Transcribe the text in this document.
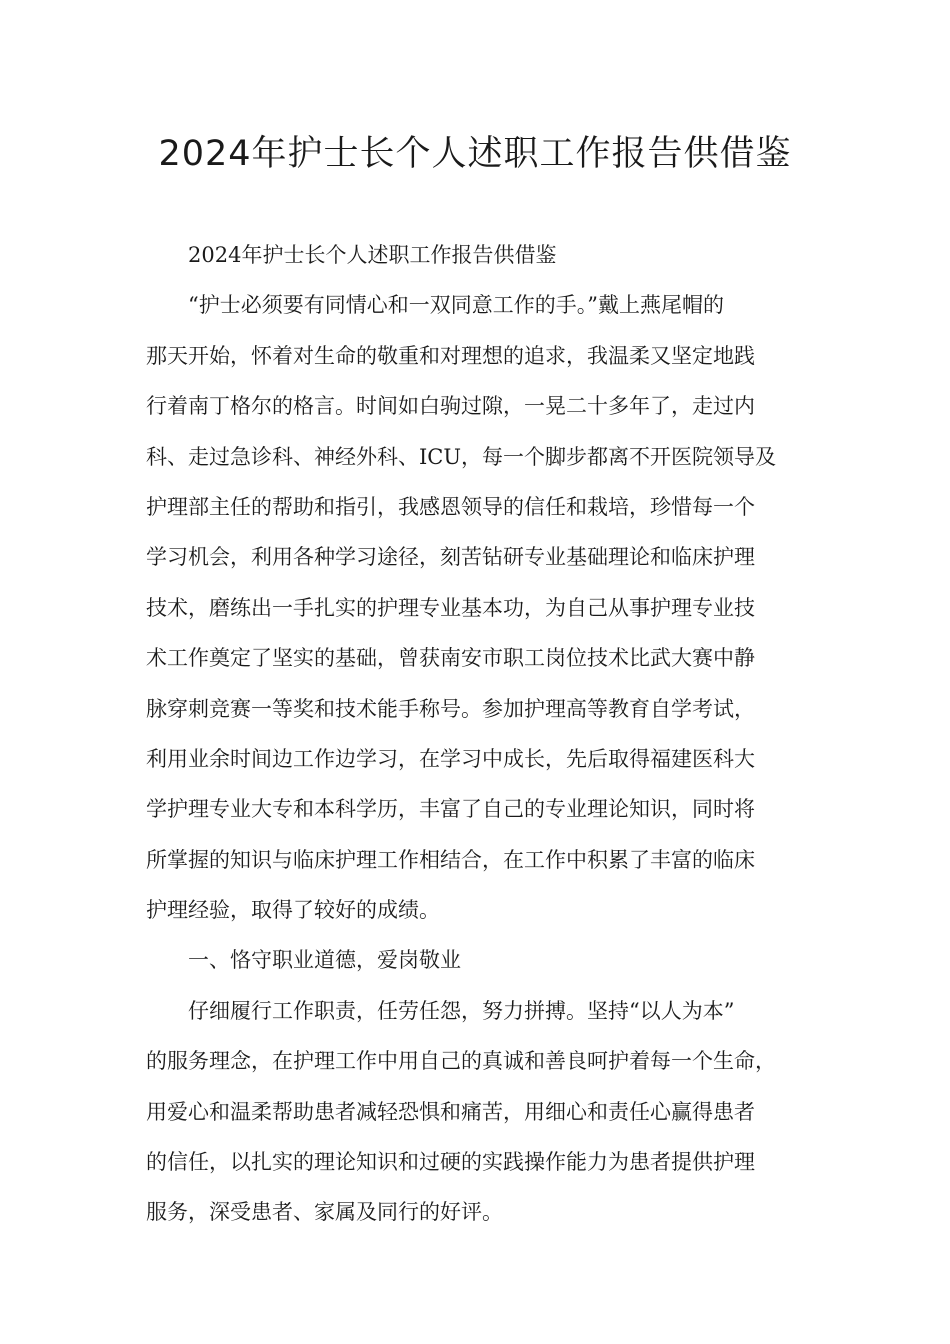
2024年护士长个人述职工作报告供借鉴
2024年护士长个人述职工作报告供借鉴
“护士必须要有同情心和一双同意工作的手。”戴上燕尾帽的
那天开始，怀着对生命的敬重和对理想的追求，我温柔又坚定地践
行着南丁格尔的格言。时间如白驹过隙，一晃二十多年了，走过内
科、走过急诊科、神经外科、ICU，每一个脚步都离不开医院领导及
护理部主任的帮助和指引，我感恩领导的信任和栽培，珍惜每一个
学习机会，利用各种学习途径，刻苦钻研专业基础理论和临床护理
技术，磨练出一手扎实的护理专业基本功，为自己从事护理专业技
术工作奠定了坚实的基础，曾获南安市职工岗位技术比武大赛中静
脉穿刺竞赛一等奖和技术能手称号。参加护理高等教育自学考试，
利用业余时间边工作边学习，在学习中成长，先后取得福建医科大
学护理专业大专和本科学历，丰富了自己的专业理论知识，同时将
所掌握的知识与临床护理工作相结合，在工作中积累了丰富的临床
护理经验，取得了较好的成绩。
一、恪守职业道德，爱岗敬业
仔细履行工作职责，任劳任怨，努力拼搏。坚持“以人为本”
的服务理念，在护理工作中用自己的真诚和善良呵护着每一个生命，
用爱心和温柔帮助患者减轻恐惧和痛苦，用细心和责任心赢得患者
的信任，以扎实的理论知识和过硬的实践操作能力为患者提供护理
服务，深受患者、家属及同行的好评。
